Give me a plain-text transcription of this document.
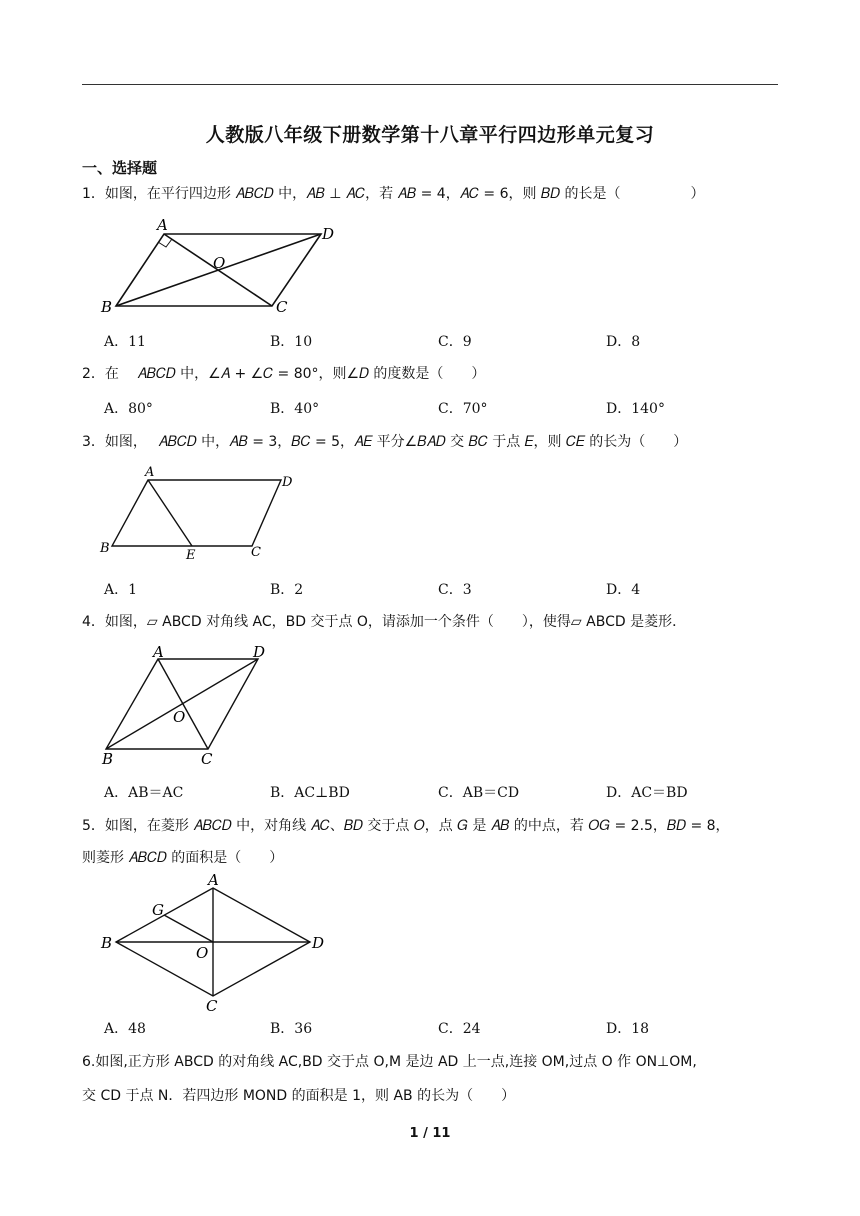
人教版八年级下册数学第十八章平行四边形单元复习
一、选择题
1．如图，在平行四边形 𝐴𝐵𝐶𝐷 中，𝐴𝐵 ⊥ 𝐴𝐶，若 𝐴𝐵 = 4，𝐴𝐶 = 6，则 𝐵𝐷 的长是（　　　　　）
A	D
O
B	C
A．11	B．10	C．9	D．8
2．在　 𝐴𝐵𝐶𝐷 中，∠𝐴 + ∠𝐶 = 80°，则∠𝐷 的度数是（　　）
A．80°	B．40°	C．70°	D．140°
3．如图，　 𝐴𝐵𝐶𝐷 中，𝐴𝐵 = 3，𝐵𝐶 = 5，𝐴𝐸 平分∠𝐵𝐴𝐷 交 𝐵𝐶 于点 𝐸，则 𝐶𝐸 的长为（　　）
A
D
B	E	C
A．1	B．2	C．3	D．4
4．如图，▱ ABCD 对角线 AC，BD 交于点 O，请添加一个条件（　　），使得▱ ABCD 是菱形．
A	D
O
B	C
A．AB＝AC	B．AC⊥BD	C．AB＝CD	D．AC＝BD
5．如图，在菱形 𝐴𝐵𝐶𝐷 中，对角线 𝐴𝐶、𝐵𝐷 交于点 𝑂，点 𝐺 是 𝐴𝐵 的中点，若 𝑂𝐺 = 2.5，𝐵𝐷 = 8，
则菱形 𝐴𝐵𝐶𝐷 的面积是（　　）
A
G
B
O
D
C
A．48	B．36	C．24	D．18
6.如图,正方形 ABCD 的对角线 AC,BD 交于点 O,M 是边 AD 上一点,连接 OM,过点 O 作 ON⊥OM,
交 CD 于点 N．若四边形 MOND 的面积是 1，则 AB 的长为（　　）
1 / 11
